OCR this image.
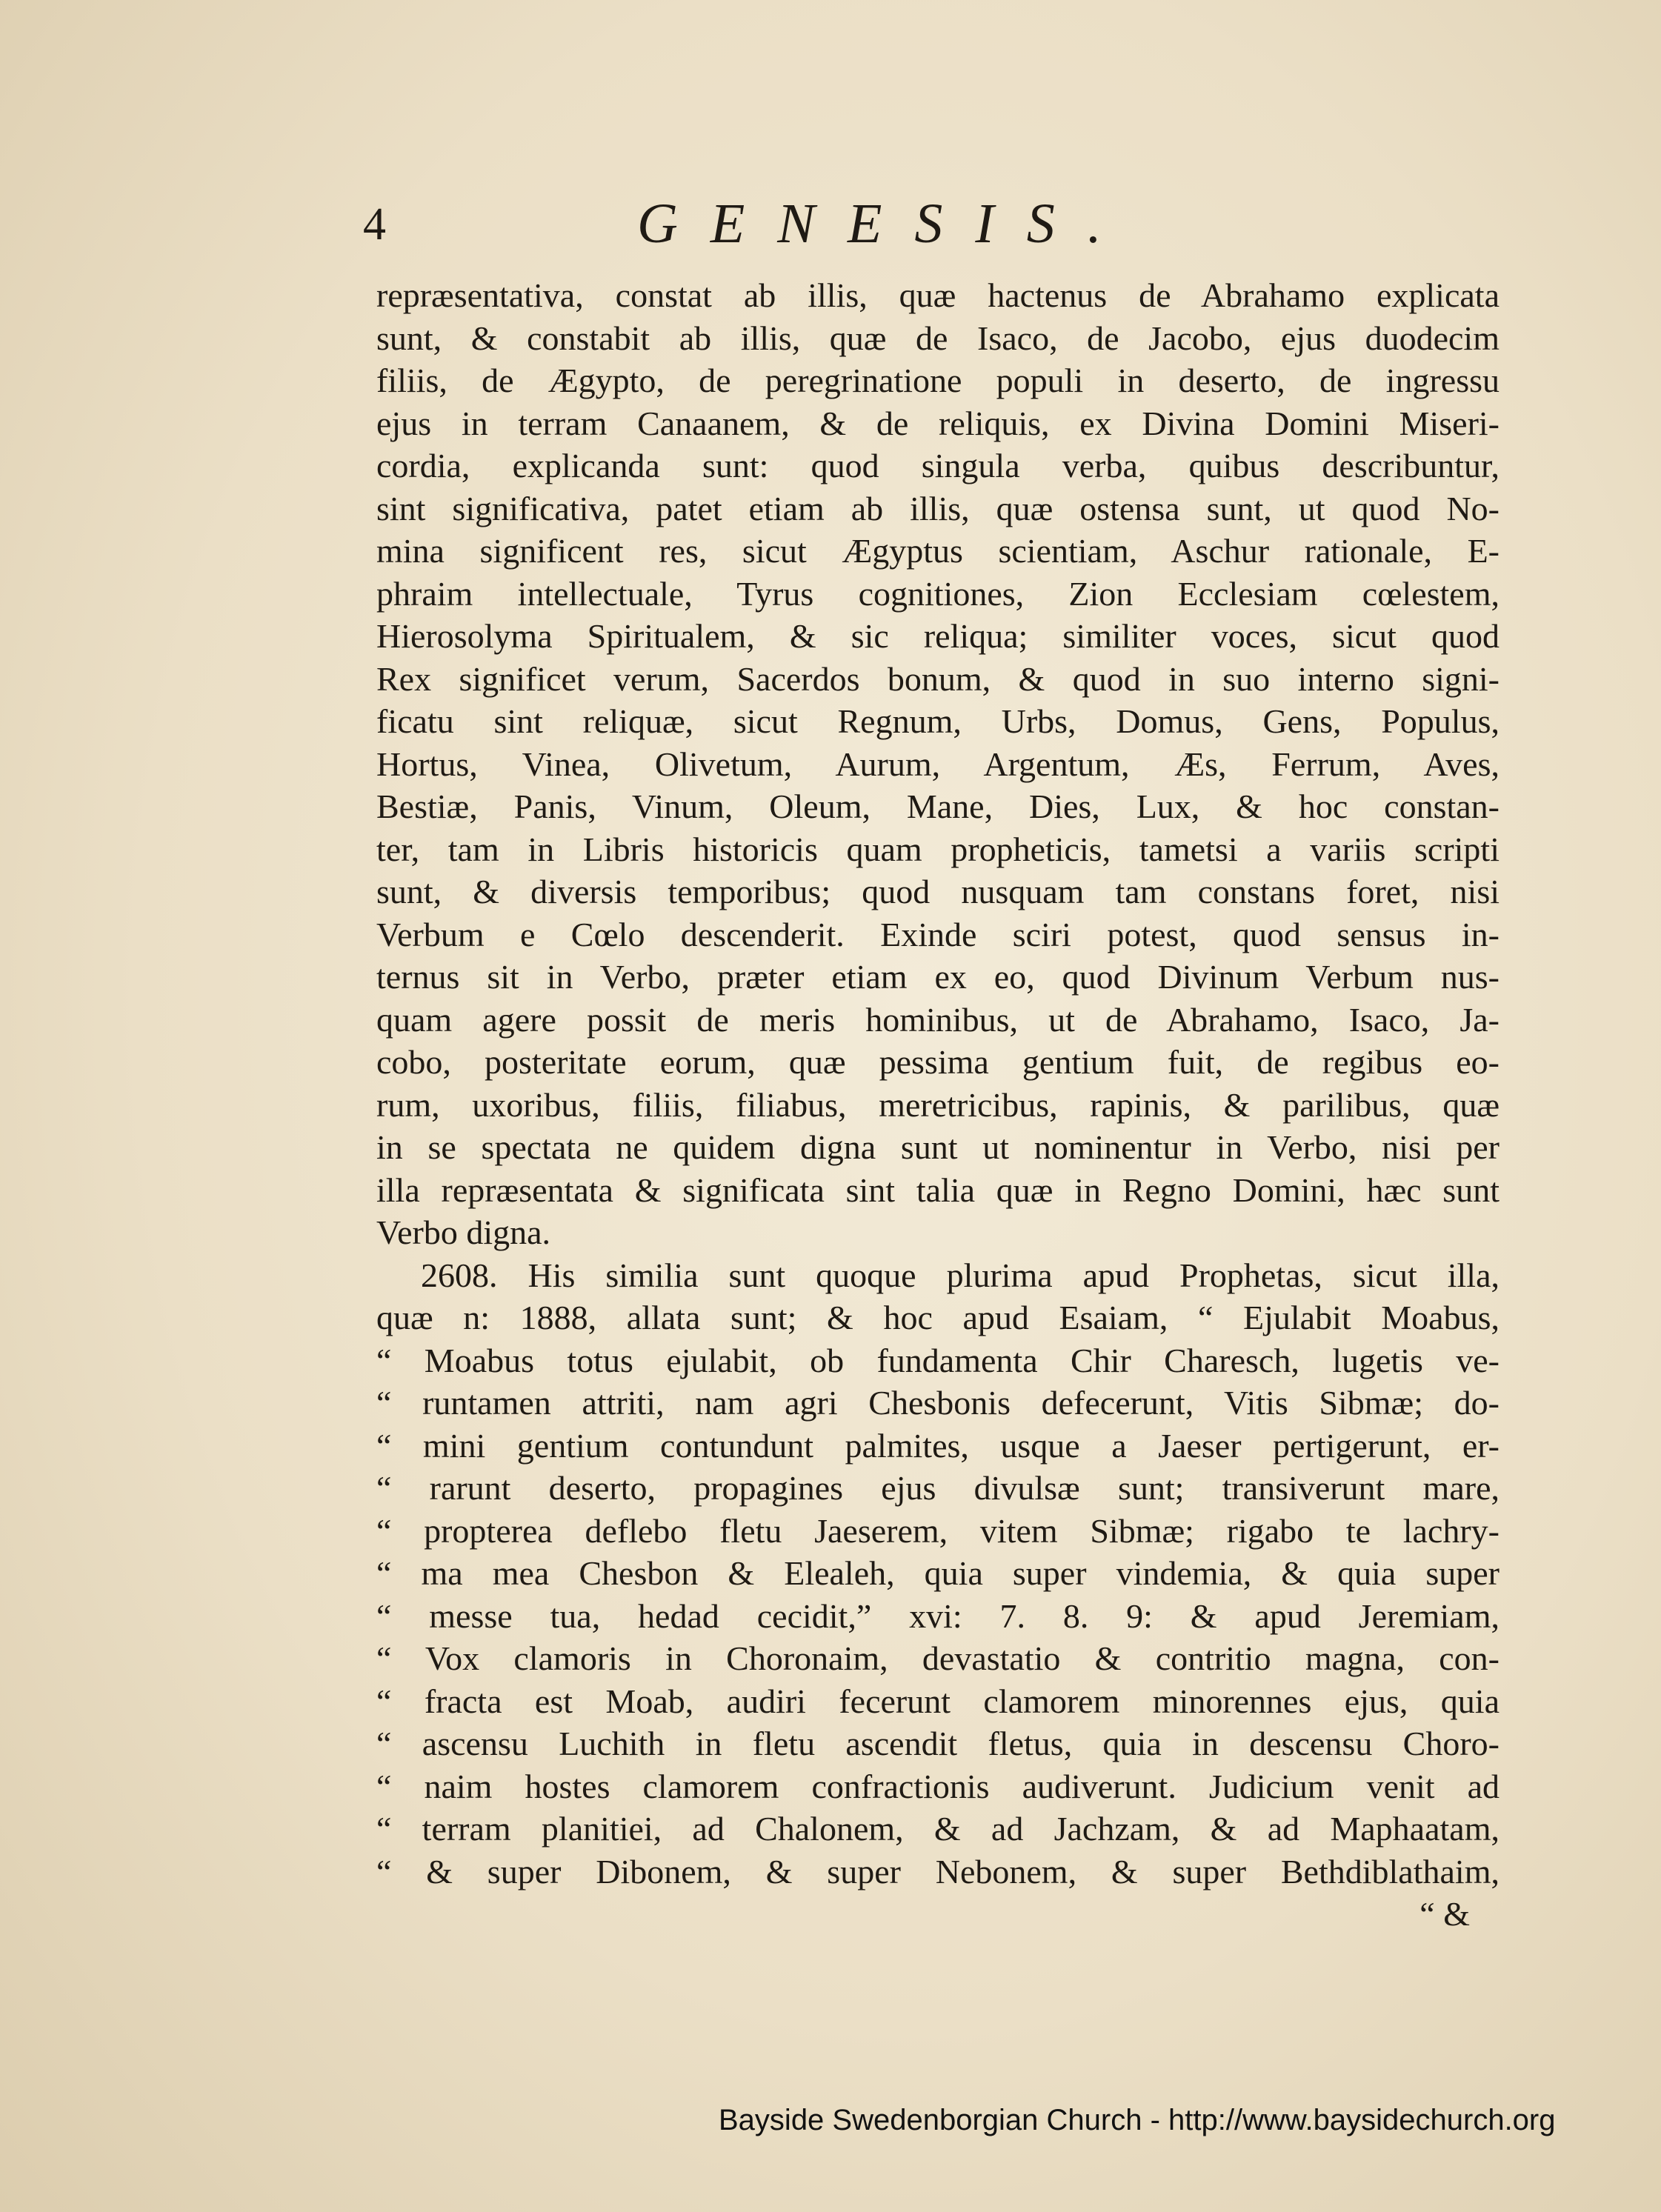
4	GENESIS.
repræsentativa, constat ab illis, quæ hactenus de Abrahamo explicata
sunt, & constabit ab illis, quæ de Isaco, de Jacobo, ejus duodecim
filiis, de Ægypto, de peregrinatione populi in deserto, de ingressu
ejus in terram Canaanem, & de reliquis, ex Divina Domini Miseri-
cordia, explicanda sunt: quod singula verba, quibus describuntur,
sint significativa, patet etiam ab illis, quæ ostensa sunt, ut quod No-
mina significent res, sicut Ægyptus scientiam, Aschur rationale, E-
phraim intellectuale, Tyrus cognitiones, Zion Ecclesiam cœlestem,
Hierosolyma Spiritualem, & sic reliqua; similiter voces, sicut quod
Rex significet verum, Sacerdos bonum, & quod in suo interno signi-
ficatu sint reliquæ, sicut Regnum, Urbs, Domus, Gens, Populus,
Hortus, Vinea, Olivetum, Aurum, Argentum, Æs, Ferrum, Aves,
Bestiæ, Panis, Vinum, Oleum, Mane, Dies, Lux, & hoc constan-
ter, tam in Libris historicis quam propheticis, tametsi a variis scripti
sunt, & diversis temporibus; quod nusquam tam constans foret, nisi
Verbum e Cœlo descenderit. Exinde sciri potest, quod sensus in-
ternus sit in Verbo, præter etiam ex eo, quod Divinum Verbum nus-
quam agere possit de meris hominibus, ut de Abrahamo, Isaco, Ja-
cobo, posteritate eorum, quæ pessima gentium fuit, de regibus eo-
rum, uxoribus, filiis, filiabus, meretricibus, rapinis, & parilibus, quæ
in se spectata ne quidem digna sunt ut nominentur in Verbo, nisi per
illa repræsentata & significata sint talia quæ in Regno Domini, hæc sunt
Verbo digna.
2608. His similia sunt quoque plurima apud Prophetas, sicut illa,
quæ n: 1888, allata sunt; & hoc apud Esaiam, “ Ejulabit Moabus,
“ Moabus totus ejulabit, ob fundamenta Chir Charesch, lugetis ve-
“ runtamen attriti, nam agri Chesbonis defecerunt, Vitis Sibmæ; do-
“ mini gentium contundunt palmites, usque a Jaeser pertigerunt, er-
“ rarunt deserto, propagines ejus divulsæ sunt; transiverunt mare,
“ propterea deflebo fletu Jaeserem, vitem Sibmæ; rigabo te lachry-
“ ma mea Chesbon & Elealeh, quia super vindemia, & quia super
“ messe tua, hedad cecidit,” xvi: 7. 8. 9: & apud Jeremiam,
“ Vox clamoris in Choronaim, devastatio & contritio magna, con-
“ fracta est Moab, audiri fecerunt clamorem minorennes ejus, quia
“ ascensu Luchith in fletu ascendit fletus, quia in descensu Choro-
“ naim hostes clamorem confractionis audiverunt. Judicium venit ad
“ terram planitiei, ad Chalonem, & ad Jachzam, & ad Maphaatam,
“ & super Dibonem, & super Nebonem, & super Bethdiblathaim,
“ &
Bayside Swedenborgian Church - http://www.baysidechurch.org
